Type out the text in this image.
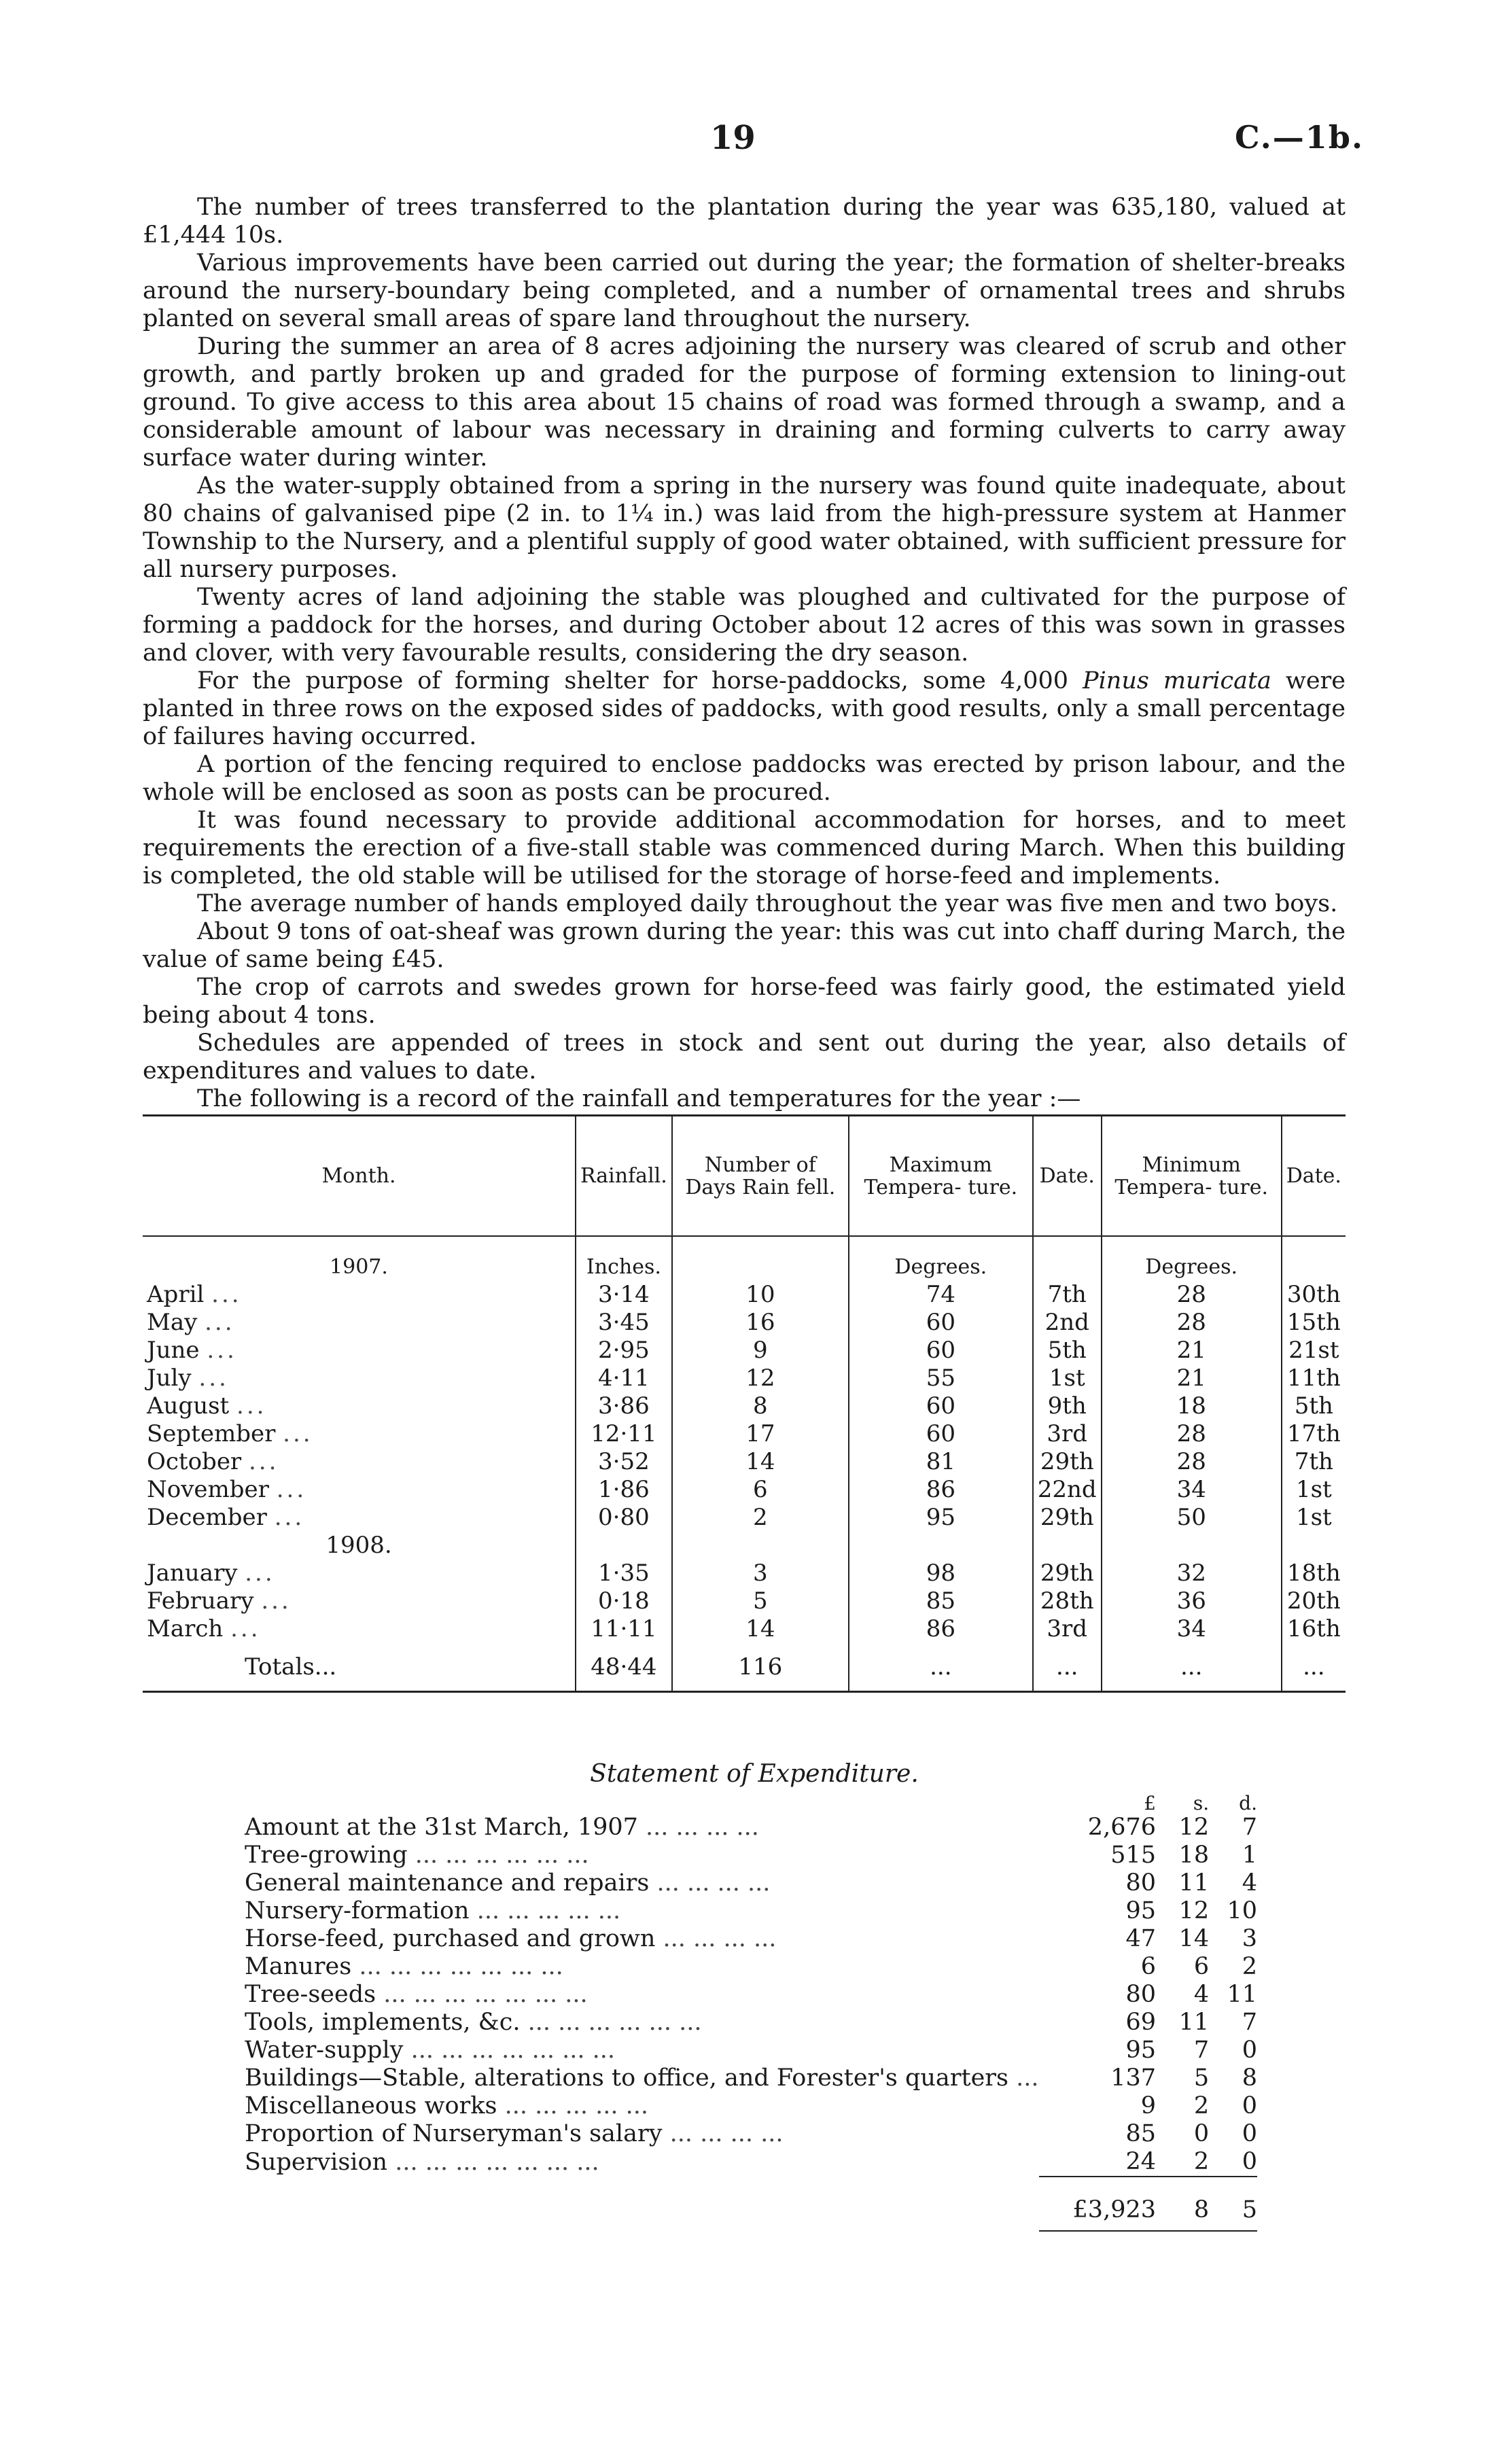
19	C.—1b.

The number of trees transferred to the plantation during the year was 635,180, valued at £1,444 10s.

Various improvements have been carried out during the year; the formation of shelter-breaks around the nursery-boundary being completed, and a number of ornamental trees and shrubs planted on several small areas of spare land throughout the nursery.

During the summer an area of 8 acres adjoining the nursery was cleared of scrub and other growth, and partly broken up and graded for the purpose of forming extension to lining-out ground. To give access to this area about 15 chains of road was formed through a swamp, and a considerable amount of labour was necessary in draining and forming culverts to carry away surface water during winter.

As the water-supply obtained from a spring in the nursery was found quite inadequate, about 80 chains of galvanised pipe (2 in. to 1¼ in.) was laid from the high-pressure system at Hanmer Township to the Nursery, and a plentiful supply of good water obtained, with sufficient pressure for all nursery purposes.

Twenty acres of land adjoining the stable was ploughed and cultivated for the purpose of forming a paddock for the horses, and during October about 12 acres of this was sown in grasses and clover, with very favourable results, considering the dry season.

For the purpose of forming shelter for horse-paddocks, some 4,000 Pinus muricata were planted in three rows on the exposed sides of paddocks, with good results, only a small percentage of failures having occurred.

A portion of the fencing required to enclose paddocks was erected by prison labour, and the whole will be enclosed as soon as posts can be procured.

It was found necessary to provide additional accommodation for horses, and to meet requirements the erection of a five-stall stable was commenced during March. When this building is completed, the old stable will be utilised for the storage of horse-feed and implements.

The average number of hands employed daily throughout the year was five men and two boys.

About 9 tons of oat-sheaf was grown during the year: this was cut into chaff during March, the value of same being £45.

The crop of carrots and swedes grown for horse-feed was fairly good, the estimated yield being about 4 tons.

Schedules are appended of trees in stock and sent out during the year, also details of expenditures and values to date.

The following is a record of the rainfall and temperatures for the year :—

Month.	Rainfall.	Number of Days Rain fell.	Maximum Tempera- ture.	Date.	Minimum Tempera- ture.	Date.
1907.	Inches.		Degrees.		Degrees.	
April ...	3·14	10	74	7th	28	30th
May ...	3·45	16	60	2nd	28	15th
June ...	2·95	9	60	5th	21	21st
July ...	4·11	12	55	1st	21	11th
August ...	3·86	8	60	9th	18	5th
September ...	12·11	17	60	3rd	28	17th
October ...	3·52	14	81	29th	28	7th
November ...	1·86	6	86	22nd	34	1st
December ...	0·80	2	95	29th	50	1st
1908.						
January ...	1·35	3	98	29th	32	18th
February ...	0·18	5	85	28th	36	20th
March ...	11·11	14	86	3rd	34	16th
Totals...	48·44	116	...	...	...	...
Statement of Expenditure.
	£	s.	d.
Amount at the 31st March, 1907 ... ... ... ...	2,676	12	7
Tree-growing ... ... ... ... ... ...	515	18	1
General maintenance and repairs ... ... ... ...	80	11	4
Nursery-formation ... ... ... ... ...	95	12	10
Horse-feed, purchased and grown ... ... ... ...	47	14	3
Manures ... ... ... ... ... ... ...	6	6	2
Tree-seeds ... ... ... ... ... ... ...	80	4	11
Tools, implements, &c. ... ... ... ... ... ...	69	11	7
Water-supply ... ... ... ... ... ... ...	95	7	0
Buildings—Stable, alterations to office, and Forester's quarters ...	137	5	8
Miscellaneous works ... ... ... ... ...	9	2	0
Proportion of Nurseryman's salary ... ... ... ...	85	0	0
Supervision ... ... ... ... ... ... ...	24	2	0
	£3,923	8	5
